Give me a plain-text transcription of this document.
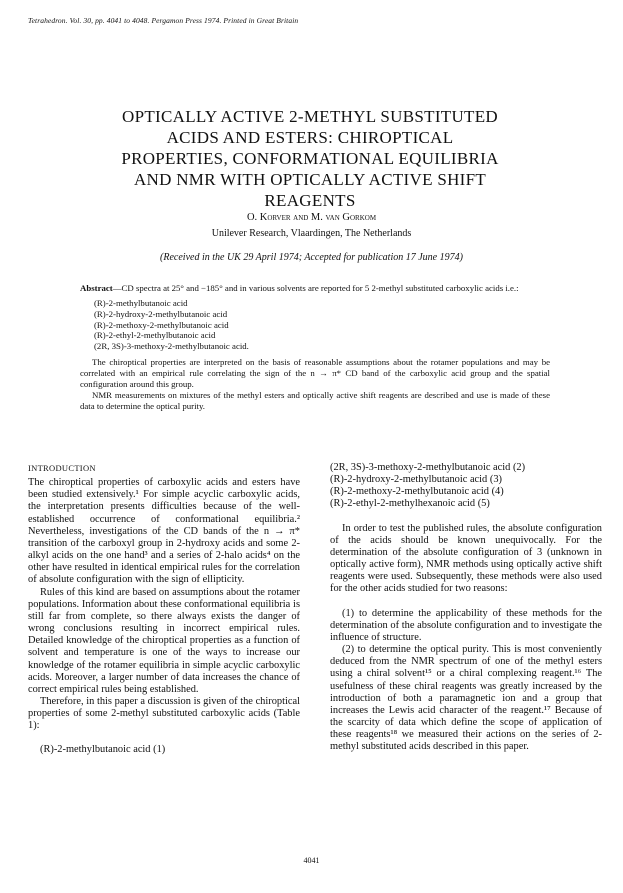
Tetrahedron. Vol. 30, pp. 4041 to 4048. Pergamon Press 1974. Printed in Great Britain
OPTICALLY ACTIVE 2-METHYL SUBSTITUTED
ACIDS AND ESTERS: CHIROPTICAL
PROPERTIES, CONFORMATIONAL EQUILIBRIA
AND NMR WITH OPTICALLY ACTIVE SHIFT
REAGENTS
O. Korver and M. van Gorkom
Unilever Research, Vlaardingen, The Netherlands
(Received in the UK 29 April 1974; Accepted for publication 17 June 1974)

Abstract—CD spectra at 25° and −185° and in various solvents are reported for 5 2-methyl substituted carboxylic acids i.e.:

(R)-2-methylbutanoic acid
(R)-2-hydroxy-2-methylbutanoic acid
(R)-2-methoxy-2-methylbutanoic acid
(R)-2-ethyl-2-methylbutanoic acid
(2R, 3S)-3-methoxy-2-methylbutanoic acid.

The chiroptical properties are interpreted on the basis of reasonable assumptions about the rotamer populations and may be correlated with an empirical rule correlating the sign of the n → π* CD band of the carboxylic acid group and the spatial configuration around this group.

NMR measurements on mixtures of the methyl esters and optically active shift reagents are described and use is made of these data to determine the optical purity.

INTRODUCTION

The chiroptical properties of carboxylic acids and esters have been studied extensively.¹ For simple acyclic carboxylic acids, the interpretation presents difficulties because of the well-established occurrence of conformational equilibria.² Nevertheless, investigations of the CD bands of the n → π* transition of the carboxyl group in 2-hydroxy acids and some 2-alkyl acids on the one hand³ and a series of 2-halo acids⁴ on the other have resulted in identical empirical rules for the correlation of absolute configuration with the sign of ellipticity.

Rules of this kind are based on assumptions about the rotamer populations. Information about these conformational equilibria is still far from complete, so there always exists the danger of wrong conclusions resulting in incorrect empirical rules. Detailed knowledge of the chiroptical properties as a function of solvent and temperature is one of the ways to increase our knowledge of the rotamer equilibria in simple acyclic carboxylic acids. Moreover, a larger number of data increases the chance of correct empirical rules being established.

Therefore, in this paper a discussion is given of the chiroptical properties of some 2-methyl substituted carboxylic acids (Table 1):

(R)-2-methylbutanoic acid (1)

(2R, 3S)-3-methoxy-2-methylbutanoic acid (2)

(R)-2-hydroxy-2-methylbutanoic acid (3)

(R)-2-methoxy-2-methylbutanoic acid (4)

(R)-2-ethyl-2-methylhexanoic acid (5)

In order to test the published rules, the absolute configuration of the acids should be known unequivocally. For the determination of the absolute configuration of 3 (unknown in optically active form), NMR methods using optically active shift reagents were used. Subsequently, these methods were also used for the other acids studied for two reasons:

(1) to determine the applicability of these methods for the determination of the absolute configuration and to investigate the influence of structure.

(2) to determine the optical purity. This is most conveniently deduced from the NMR spectrum of one of the methyl esters using a chiral solvent¹⁵ or a chiral complexing reagent.¹⁶ The usefulness of these chiral reagents was greatly increased by the introduction of both a paramagnetic ion and a group that increases the Lewis acid character of the reagent.¹⁷ Because of the scarcity of data which define the scope of application of these reagents¹⁸ we measured their actions on the series of 2-methyl substituted acids described in this paper.

4041
